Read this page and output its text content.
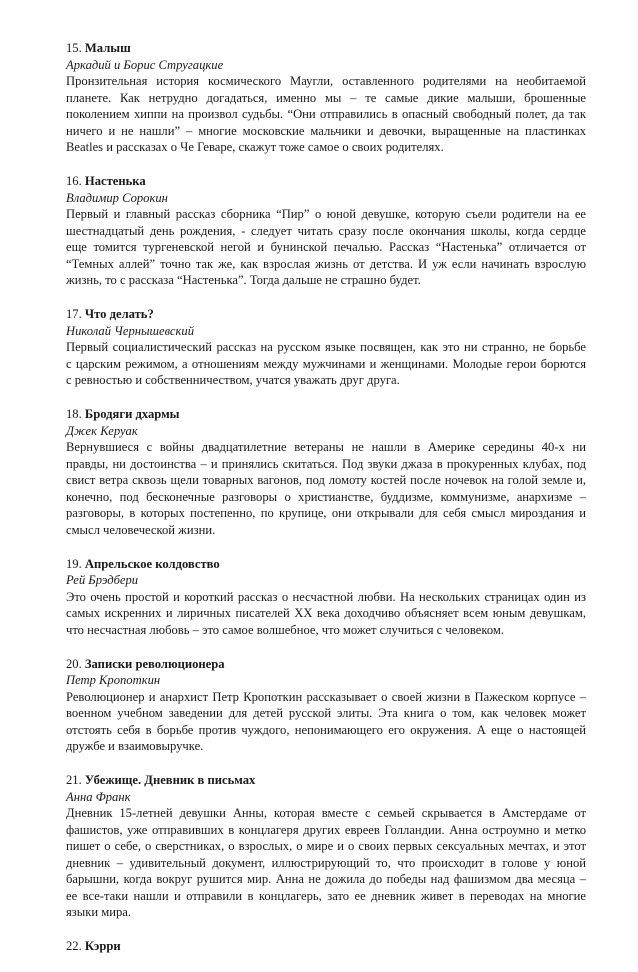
15. Малыш
Аркадий и Борис Стругацкие
Пронзительная история космического Маугли, оставленного родителями на необитаемой
планете. Как нетрудно догадаться, именно мы – те самые дикие малыши, брошенные
поколением хиппи на произвол судьбы. “Они отправились в опасный свободный полет, да так
ничего и не нашли” – многие московские мальчики и девочки, выращенные на пластинках
Beatles и рассказах о Че Геваре, скажут тоже самое о своих родителях.
16. Настенька
Владимир Сорокин
Первый и главный рассказ сборника “Пир” о юной девушке, которую съели родители на ее
шестнадцатый день рождения, - следует читать сразу после окончания школы, когда сердце
еще томится тургеневской негой и бунинской печалью. Рассказ “Настенька” отличается от
“Темных аллей” точно так же, как взрослая жизнь от детства. И уж если начинать взрослую
жизнь, то с рассказа “Настенька”. Тогда дальше не страшно будет.
17. Что делать?
Николай Чернышевский
Первый социалистический рассказ на русском языке посвящен, как это ни странно, не борьбе
с царским режимом, а отношениям между мужчинами и женщинами. Молодые герои борются
с ревностью и собственничеством, учатся уважать друг друга.
18. Бродяги дхармы
Джек Керуак
Вернувшиеся с войны двадцатилетние ветераны не нашли в Америке середины 40-х ни
правды, ни достоинства – и принялись скитаться. Под звуки джаза в прокуренных клубах, под
свист ветра сквозь щели товарных вагонов, под ломоту костей после ночевок на голой земле и,
конечно, под бесконечные разговоры о христианстве, буддизме, коммунизме, анархизме –
разговоры, в которых постепенно, по крупице, они открывали для себя смысл мироздания и
смысл человеческой жизни.
19. Апрельское колдовство
Рей Брэдбери
Это очень простой и короткий рассказ о несчастной любви. На нескольких страницах один из
самых искренних и лиричных писателей XX века доходчиво объясняет всем юным девушкам,
что несчастная любовь – это самое волшебное, что может случиться с человеком.
20. Записки революционера
Петр Кропоткин
Революционер и анархист Петр Кропоткин рассказывает о своей жизни в Пажеском корпусе –
военном учебном заведении для детей русской элиты. Эта книга о том, как человек может
отстоять себя в борьбе против чуждого, непонимающего его окружения. А еще о настоящей
дружбе и взаимовыручке.
21. Убежище. Дневник в письмах
Анна Франк
Дневник 15-летней девушки Анны, которая вместе с семьей скрывается в Амстердаме от
фашистов, уже отправивших в концлагеря других евреев Голландии. Анна остроумно и метко
пишет о себе, о сверстниках, о взрослых, о мире и о своих первых сексуальных мечтах, и этот
дневник – удивительный документ, иллюстрирующий то, что происходит в голове у юной
барышни, когда вокруг рушится мир. Анна не дожила до победы над фашизмом два месяца –
ее все-таки нашли и отправили в концлагерь, зато ее дневник живет в переводах на многие
языки мира.
22. Кэрри
